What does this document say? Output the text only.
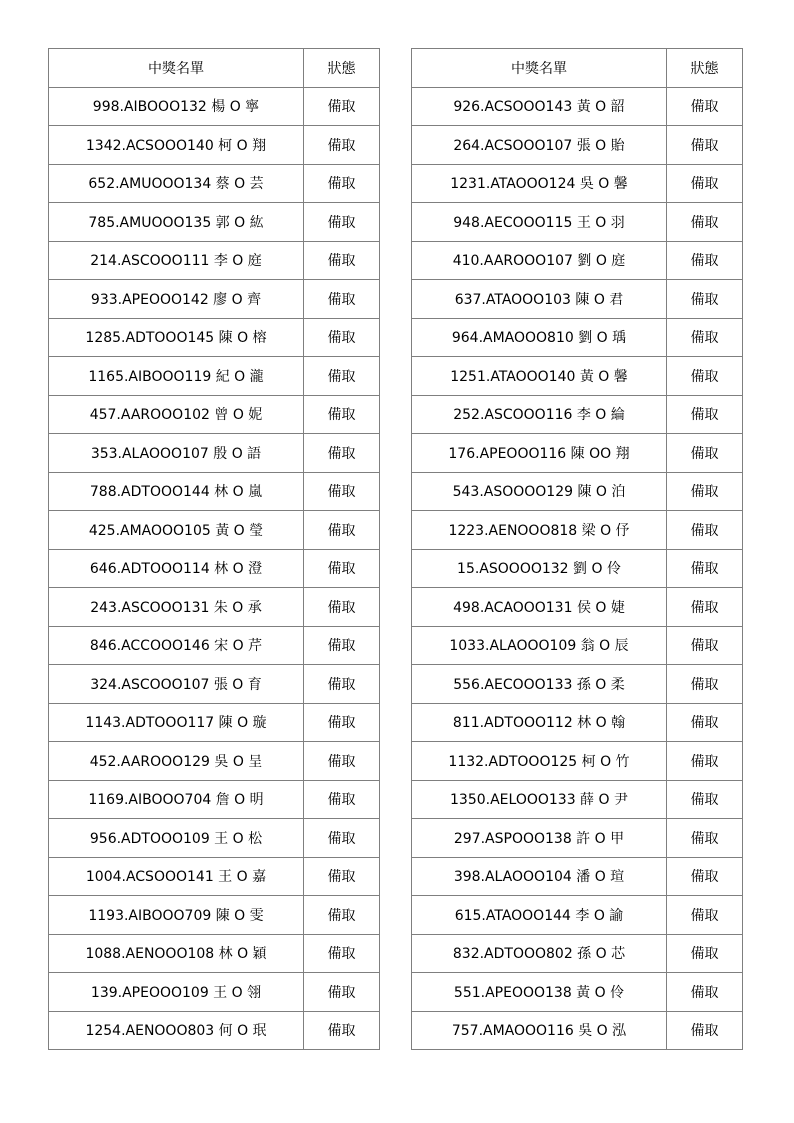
中獎名單	狀態
998.AIBOOO132 楊 O 寧	備取
1342.ACSOOO140 柯 O 翔	備取
652.AMUOOO134 蔡 O 芸	備取
785.AMUOOO135 郭 O 紘	備取
214.ASCOOO111 李 O 庭	備取
933.APEOOO142 廖 O 齊	備取
1285.ADTOOO145 陳 O 榕	備取
1165.AIBOOO119 紀 O 瀧	備取
457.AAROOO102 曾 O 妮	備取
353.ALAOOO107 殷 O 語	備取
788.ADTOOO144 林 O 嵐	備取
425.AMAOOO105 黃 O 瑩	備取
646.ADTOOO114 林 O 澄	備取
243.ASCOOO131 朱 O 承	備取
846.ACCOOO146 宋 O 芹	備取
324.ASCOOO107 張 O 育	備取
1143.ADTOOO117 陳 O 璇	備取
452.AAROOO129 吳 O 呈	備取
1169.AIBOOO704 詹 O 明	備取
956.ADTOOO109 王 O 松	備取
1004.ACSOOO141 王 O 嘉	備取
1193.AIBOOO709 陳 O 雯	備取
1088.AENOOO108 林 O 穎	備取
139.APEOOO109 王 O 翎	備取
1254.AENOOO803 何 O 珉	備取
中獎名單	狀態
926.ACSOOO143 黃 O 韶	備取
264.ACSOOO107 張 O 貽	備取
1231.ATAOOO124 吳 O 馨	備取
948.AECOOO115 王 O 羽	備取
410.AAROOO107 劉 O 庭	備取
637.ATAOOO103 陳 O 君	備取
964.AMAOOO810 劉 O 瑀	備取
1251.ATAOOO140 黃 O 馨	備取
252.ASCOOO116 李 O 綸	備取
176.APEOOO116 陳 OO 翔	備取
543.ASOOOO129 陳 O 泊	備取
1223.AENOOO818 梁 O 伃	備取
15.ASOOOO132 劉 O 伶	備取
498.ACAOOO131 侯 O 婕	備取
1033.ALAOOO109 翁 O 辰	備取
556.AECOOO133 孫 O 柔	備取
811.ADTOOO112 林 O 翰	備取
1132.ADTOOO125 柯 O 竹	備取
1350.AELOOO133 薛 O 尹	備取
297.ASPOOO138 許 O 甲	備取
398.ALAOOO104 潘 O 瑄	備取
615.ATAOOO144 李 O 諭	備取
832.ADTOOO802 孫 O 芯	備取
551.APEOOO138 黃 O 伶	備取
757.AMAOOO116 吳 O 泓	備取
